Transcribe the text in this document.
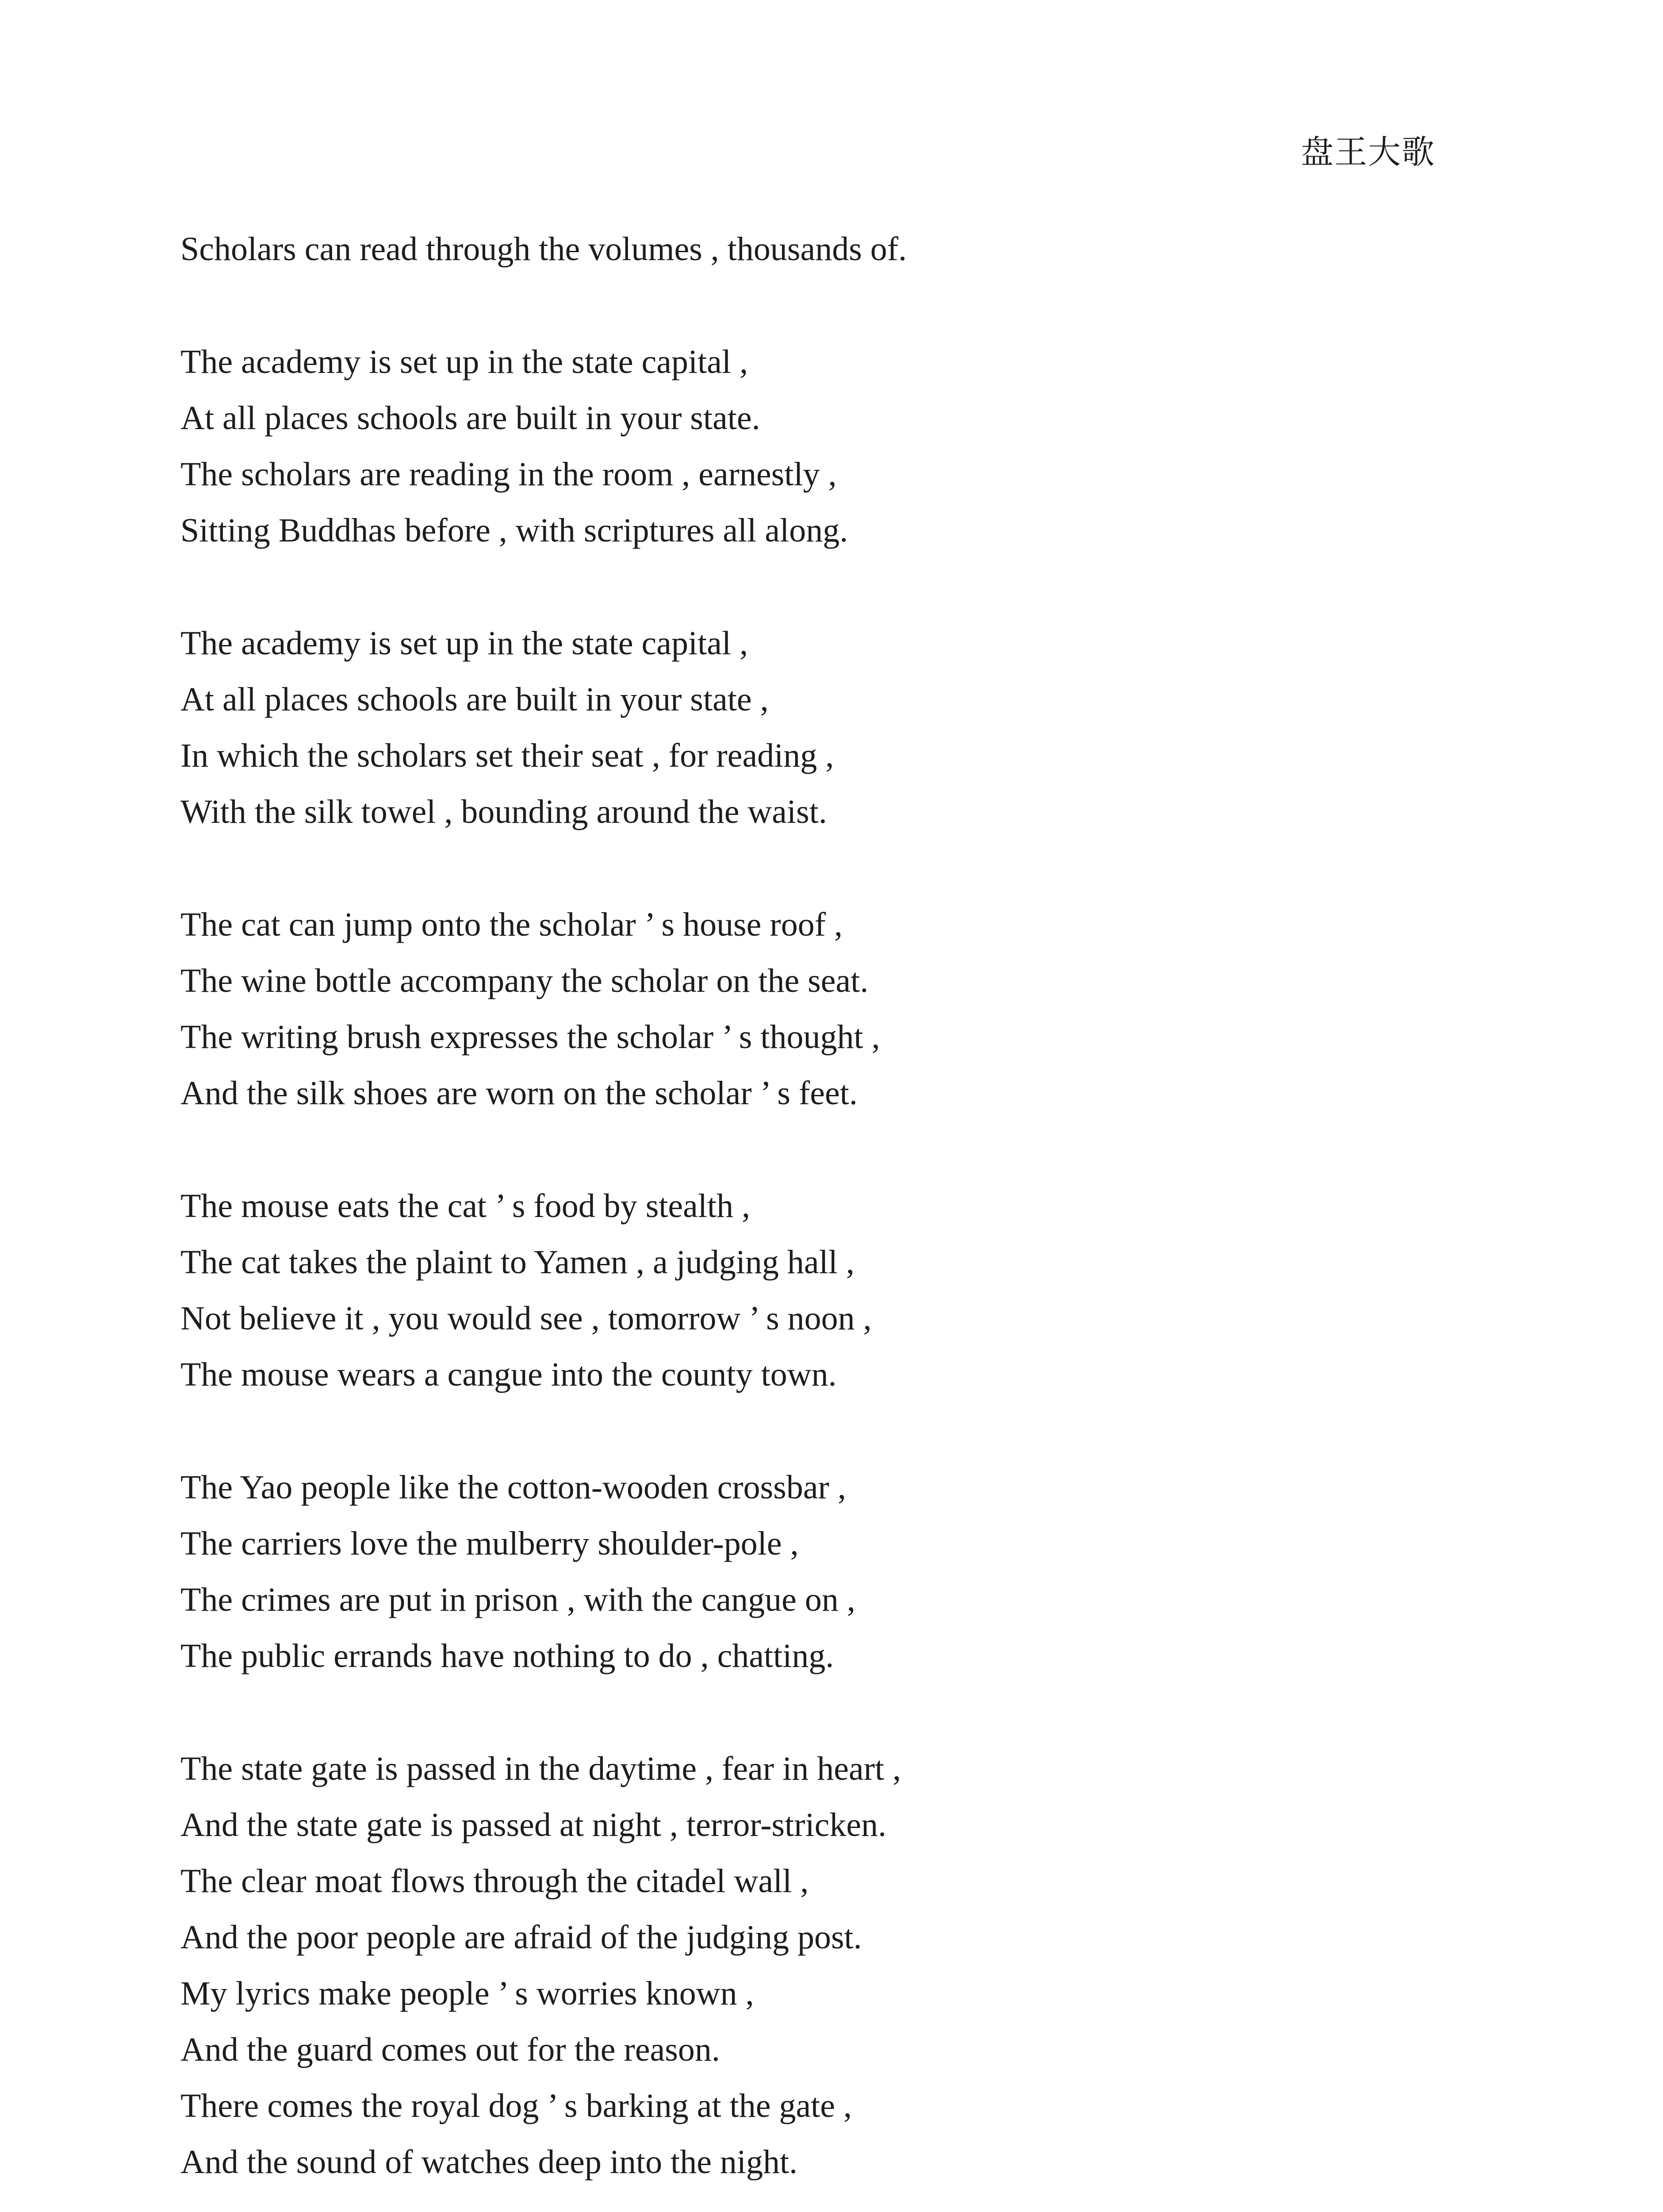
盘王大歌
Scholars can read through the volumes , thousands of.
The academy is set up in the state capital ,
At all places schools are built in your state.
The scholars are reading in the room , earnestly ,
Sitting Buddhas before , with scriptures all along.
The academy is set up in the state capital ,
At all places schools are built in your state ,
In which the scholars set their seat , for reading ,
With the silk towel , bounding around the waist.
The cat can jump onto the scholar ’ s house roof ,
The wine bottle accompany the scholar on the seat.
The writing brush expresses the scholar ’ s thought ,
And the silk shoes are worn on the scholar ’ s feet.
The mouse eats the cat ’ s food by stealth ,
The cat takes the plaint to Yamen , a judging hall ,
Not believe it , you would see , tomorrow ’ s noon ,
The mouse wears a cangue into the county town.
The Yao people like the cotton-wooden crossbar ,
The carriers love the mulberry shoulder-pole ,
The crimes are put in prison , with the cangue on ,
The public errands have nothing to do , chatting.
The state gate is passed in the daytime , fear in heart ,
And the state gate is passed at night , terror-stricken.
The clear moat flows through the citadel wall ,
And the poor people are afraid of the judging post.
My lyrics make people ’ s worries known ,
And the guard comes out for the reason.
There comes the royal dog ’ s barking at the gate ,
And the sound of watches deep into the night.
